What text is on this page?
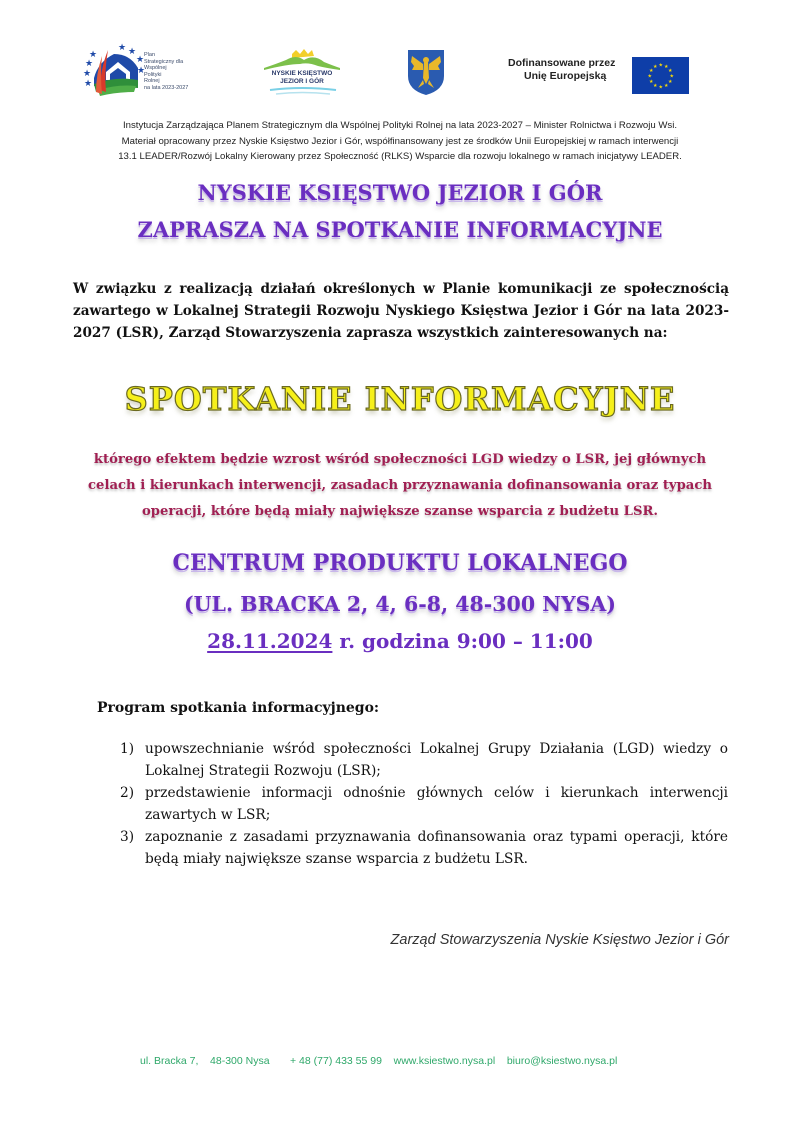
★
★
★
★
★ ★
★
★
Plan
Strategiczny dla
Wspólnej
Polityki
Rolnej
na lata 2023-2027
NYSKIE KSIĘSTWO
JEZIOR I GÓR
Dofinansowane przez
Unię Europejską
★ ★
★
★
★
★
★
★
★
★
★
★
Instytucja Zarządzająca Planem Strategicznym dla Wspólnej Polityki Rolnej na lata 2023-2027 – Minister Rolnictwa i Rozwoju Wsi.
Materiał opracowany przez Nyskie Księstwo Jezior i Gór, współfinansowany jest ze środków Unii Europejskiej w ramach interwencji
13.1 LEADER/Rozwój Lokalny Kierowany przez Społeczność (RLKS) Wsparcie dla rozwoju lokalnego w ramach inicjatywy LEADER.
NYSKIE KSIĘSTWO JEZIOR I GÓR
ZAPRASZA NA SPOTKANIE INFORMACYJNE
W związku z realizacją działań określonych w Planie komunikacji ze społecznością zawartego w Lokalnej Strategii Rozwoju Nyskiego Księstwa Jezior i Gór na lata 2023-2027 (LSR), Zarząd Stowarzyszenia zaprasza wszystkich zainteresowanych na:
SPOTKANIE INFORMACYJNE
którego efektem będzie wzrost wśród społeczności LGD wiedzy o LSR, jej głównych
celach i kierunkach interwencji, zasadach przyznawania dofinansowania oraz typach
operacji, które będą miały największe szanse wsparcia z budżetu LSR.
CENTRUM PRODUKTU LOKALNEGO
(UL. BRACKA 2, 4, 6-8, 48-300 NYSA)
28.11.2024 r. godzina 9:00 – 11:00
Program spotkania informacyjnego:
1) upowszechnianie wśród społeczności Lokalnej Grupy Działania (LGD) wiedzy o Lokalnej Strategii Rozwoju (LSR);
2) przedstawienie informacji odnośnie głównych celów i kierunkach interwencji zawartych w LSR;
3) zapoznanie z zasadami przyznawania dofinansowania oraz typami operacji, które będą miały największe szanse wsparcia z budżetu LSR.
Zarząd Stowarzyszenia Nyskie Księstwo Jezior i Gór
ul. Bracka 7,    48-300 Nysa + 48 (77) 433 55 99 www.ksiestwo.nysa.pl biuro@ksiestwo.nysa.pl
